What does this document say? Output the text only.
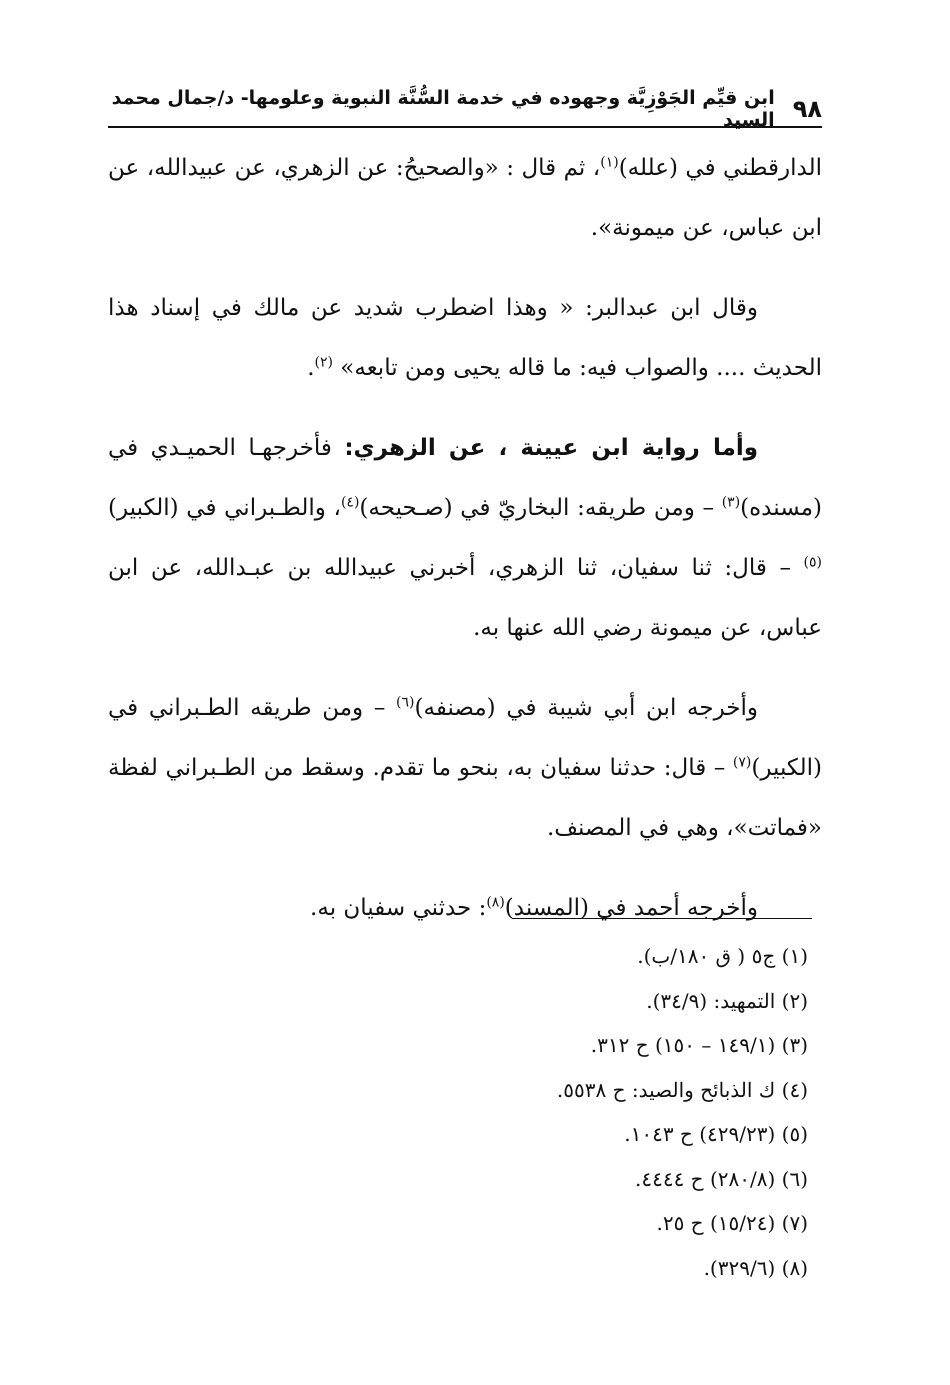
٩٨
ابن قيِّم الجَوْزِيَّة وجهوده في خدمة السُّنَّة النبوية وعلومها- د/جمال محمد السيد

الدارقطني في (علله)$^{(١)}$، ثم قال : «والصحيحُ: عن الزهري، عن عبيدالله، عن ابن عباس، عن ميمونة».

وقال ابن عبدالبر: « وهذا اضطرب شديد عن مالك في إسناد هذا الحديث .... والصواب فيه: ما قاله يحيى ومن تابعه» $^{(٢)}$.

وأما رواية ابن عيينة ، عن الزهري: فأخرجهـا الحميـدي في (مسنده)$^{(٣)}$ – ومن طريقه: البخاريّ في (صـحيحه)$^{(٤)}$، والطـبراني في (الكبير)$^{(٥)}$ – قال: ثنا سفيان، ثنا الزهري، أخبرني عبيدالله بن عبـدالله، عن ابن عباس، عن ميمونة رضي الله عنها به.

وأخرجه ابن أبي شيبة في (مصنفه)$^{(٦)}$ – ومن طريقه الطـبراني في (الكبير)$^{(٧)}$ – قال: حدثنا سفيان به، بنحو ما تقدم. وسقط من الطـبراني لفظة «فماتت»، وهي في المصنف.

وأخرجه أحمد في (المسند)$^{(٨)}$: حدثني سفيان به.

(١) ج٥ ( ق ١٨٠/ب).

(٢) التمهيد: (٣٤/٩).

(٣) (١٤٩/١ – ١٥٠) ح ٣١٢.

(٤) ك الذبائح والصيد: ح ٥٥٣٨.

(٥) (٤٢٩/٢٣) ح ١٠٤٣.

(٦) (٢٨٠/٨) ح ٤٤٤٤.

(٧) (١٥/٢٤) ح ٢٥.

(٨) (٣٢٩/٦).
